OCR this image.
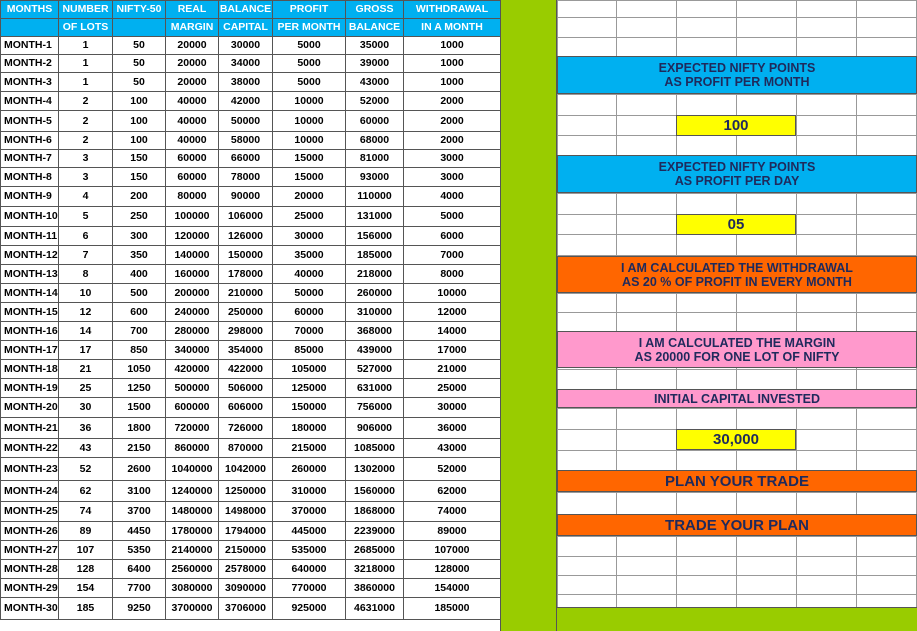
MONTHS	NUMBER	NIFTY-50	REAL	BALANCE	PROFIT	GROSS	WITHDRAWAL
	OF LOTS		MARGIN	CAPITAL	PER MONTH	BALANCE	IN A MONTH
MONTH-1	1	50	20000	30000	5000	35000	1000
MONTH-2	1	50	20000	34000	5000	39000	1000
MONTH-3	1	50	20000	38000	5000	43000	1000
MONTH-4	2	100	40000	42000	10000	52000	2000
MONTH-5	2	100	40000	50000	10000	60000	2000
MONTH-6	2	100	40000	58000	10000	68000	2000
MONTH-7	3	150	60000	66000	15000	81000	3000
MONTH-8	3	150	60000	78000	15000	93000	3000
MONTH-9	4	200	80000	90000	20000	110000	4000
MONTH-10	5	250	100000	106000	25000	131000	5000
MONTH-11	6	300	120000	126000	30000	156000	6000
MONTH-12	7	350	140000	150000	35000	185000	7000
MONTH-13	8	400	160000	178000	40000	218000	8000
MONTH-14	10	500	200000	210000	50000	260000	10000
MONTH-15	12	600	240000	250000	60000	310000	12000
MONTH-16	14	700	280000	298000	70000	368000	14000
MONTH-17	17	850	340000	354000	85000	439000	17000
MONTH-18	21	1050	420000	422000	105000	527000	21000
MONTH-19	25	1250	500000	506000	125000	631000	25000
MONTH-20	30	1500	600000	606000	150000	756000	30000
MONTH-21	36	1800	720000	726000	180000	906000	36000
MONTH-22	43	2150	860000	870000	215000	1085000	43000
MONTH-23	52	2600	1040000	1042000	260000	1302000	52000
MONTH-24	62	3100	1240000	1250000	310000	1560000	62000
MONTH-25	74	3700	1480000	1498000	370000	1868000	74000
MONTH-26	89	4450	1780000	1794000	445000	2239000	89000
MONTH-27	107	5350	2140000	2150000	535000	2685000	107000
MONTH-28	128	6400	2560000	2578000	640000	3218000	128000
MONTH-29	154	7700	3080000	3090000	770000	3860000	154000
MONTH-30	185	9250	3700000	3706000	925000	4631000	185000
EXPECTED NIFTY POINTS
AS PROFIT PER MONTH
100
EXPECTED NIFTY POINTS
AS PROFIT PER DAY
05
I AM CALCULATED THE WITHDRAWAL
AS 20 % OF PROFIT IN EVERY MONTH
I AM CALCULATED THE MARGIN
AS 20000 FOR ONE LOT OF NIFTY
INITIAL CAPITAL INVESTED
30,000
PLAN YOUR TRADE
TRADE YOUR PLAN
